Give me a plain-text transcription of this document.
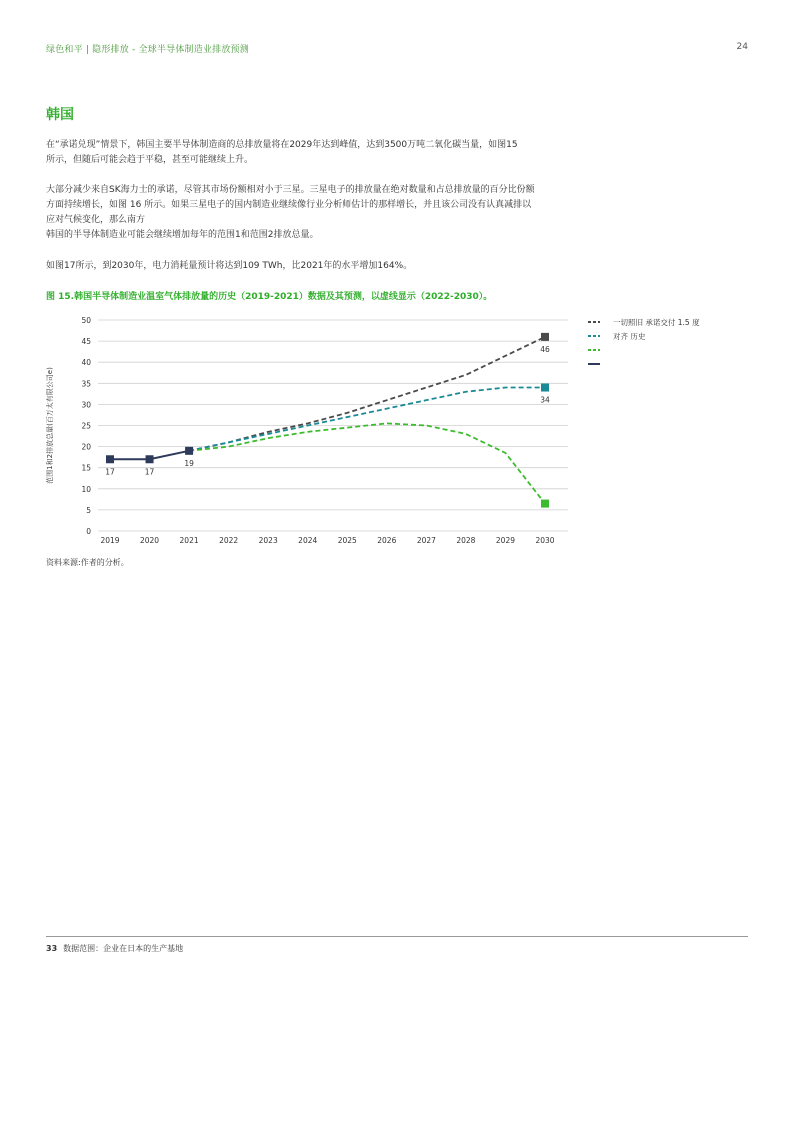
绿色和平 | 隐形排放 - 全球半导体制造业排放预测	24
韩国
在“承诺兑现”情景下，韩国主要半导体制造商的总排放量将在2029年达到峰值，达到3500万吨二氧化碳当量，如图15
所示，但随后可能会趋于平稳，甚至可能继续上升。
大部分减少来自SK海力士的承诺，尽管其市场份额相对小于三星。三星电子的排放量在绝对数量和占总排放量的百分比份额
方面持续增长，如图 16 所示。如果三星电子的国内制造业继续像行业分析师估计的那样增长，并且该公司没有认真减排以
应对气候变化，那么南方
韩国的半导体制造业可能会继续增加每年的范围1和范围2排放总量。
如图17所示，到2030年，电力消耗量预计将达到109 TWh，比2021年的水平增加164%。
图 15.韩国半导体制造业温室气体排放量的历史（2019-2021）数据及其预测，以虚线显示（2022-2030）。
0
5
10
15
20
25
30
35
40
45
50
2019	2020	2021	2022	2023	2024	2025	2026	2027	2028	2029	2030
46
34
17	17
19
一切照旧 承诺交付 1.5 度
对齐 历史
范围1和2排放总量(百万太有限公司e)
资料来源:作者的分析。
33 数据范围：企业在日本的生产基地
